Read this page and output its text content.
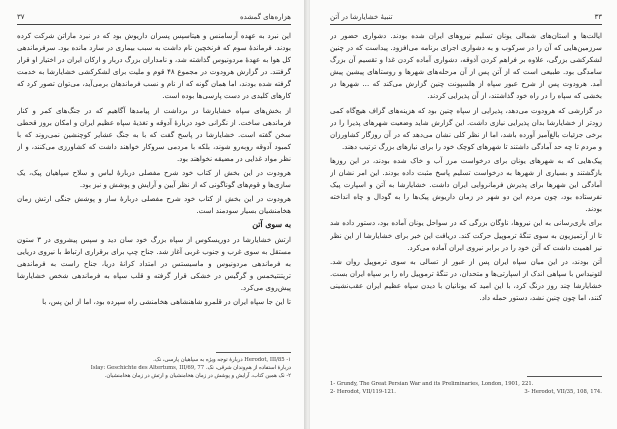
۳۷	هزاره‌های گمشده

این نبرد به عهده آرسامنس و هیتاسپس پسران داریوش بود که در نبرد ماراتن شرکت کرده بودند. فرماندهٔ سوم که فرنخچین نام داشت به سبب بیماری در سارد مانده بود. سرفرماندهی کل هوا به عهدهٔ مردونیوس گذاشته شد، و نامداران بزرگ دربار و ارکان ایران در اختیار او قرار گرفتند. در گزارش هرودوت در مجموع ۴۸ قوم و ملیت برای لشکرکشی خشایارشا به خدمت گرفته شده بودند، اما همان گونه که از نام و نسب فرماندهان برمی‌آید، می‌توان تصور کرد که کارهای کلیدی در دست پارسی‌ها بوده است.

از بخش‌های سپاه خشایارشا در برداشت از پیامدها آگاهیم که در جنگ‌های کمر و کنار فرماندهی ساخت. از نگرانی خود دربارهٔ آدوقه و تغذیهٔ سپاه عظیم ایران و امکان بروز قحطی سخن گفته است. خشایارشا در پاسخ گفت که با به جنگ عشایر کوچنشین نمی‌روند که با کمبود آدوقه روبه‌رو شوند، بلکه با مردمی سروکار خواهند داشت که کشاورزی می‌کنند، و از نظر مواد غذایی در مضیقه نخواهند بود.

هرودوت در این بخش از کتاب خود شرح مفصلی دربارهٔ لباس و سلاح سپاهیان پیک، یک سازی‌ها و قوم‌های گوناگونی که از نظر آیین و آرایش و پوشش و نیز بود.

هرودوت در این بخش از کتاب خود شرح مفصلی دربارهٔ ساز و پوشش جنگی ارتش زمان هخامنشیان بسیار سودمند است.

به سوی آتن

ارتش خشایارشا در دوریسکوس از سپاه بزرگ خود سان دید و سپس پیشروی در ۳ ستون مستقل به سوی غرب و جنوب غربی آغاز شد. جناح چپ برای برقراری ارتباط با نیروی دریایی به فرماندهی مردونیوس و ماسیستس در امتداد کرانهٔ دریا، جناح راست به فرماندهی تریتنتیخمس و گرگیس در خشکی قرار گرفته و قلب سپاه به فرماندهی شخص خشایارشا پیش‌روی می‌کرد.

تا این جا سپاه ایران در قلمرو شاهنشاهی هخامنشی راه سپرده بود، اما از این پس، با

۱- Herodot, III/85 دربارهٔ توجه ویژه به سپاهیان پارسی، نک.
دربارهٔ استفاده از هم‌وندان شرقی، نک. Islay: Geschichte des Altertums, III/69, 77
۲- نک همین کتاب، آرایش و پوشش در زمان هخامنشیان و ارتش در زمان هخامنشیان.
تنبیهٔ خشایارشا در آتن	۳۳

ایالت‌ها و استان‌های شمالی یونان تسلیم نیروهای ایران شده بودند. دشواری حضور در سرزمین‌هایی که آن را در سرکوب و به دشواری اجرای برنامه می‌افزود. پیداست که در چنین لشکرکشی بزرگی، علاوه بر فراهم کردن آذوقه، دشواری آماده کردن غذا و تقسیم آن بزرگ سامدگی بود. طبیعی است که از آتن پس از آن مرحله‌های شهرها و روستاهای پیشین پیش آمد. هرودوت پس از شرح عبور سپاه از هلسپونت چنین گزارش می‌کند که ... شهرها در بخشی که سپاه را در راه خود گذاشتند، از آن پذیرایی کردند.

در گزارشی که هرودوت می‌دهد، پذیرایی از سپاه چنین بود که هزینه‌های گزاف هیچ‌گاه کمی زودتر از خشایارشا بدان پذیرایی نیازی داشت. این گزارش شاید وضعیت شهرهای پذیرا را در برخی جزئیات بالغ‌آمیز آورده باشد، اما از نظر کلی نشان می‌دهد که در آن روزگار کشاورزان و مردم تا چه حد آمادگی داشتند تا شهرهای کوچک خود را برای نیازهای بزرگ ترتیب دهند.

پیک‌هایی که به شهرهای یونان برای درخواست مرز آب و خاک شده بودند، در این روزها بازگشتند و بسیاری از شهرها به درخواست تسلیم پاسخ مثبت داده بودند. این امر نشان از آمادگی این شهرها برای پذیرش فرمانروایی ایران داشت. خشایارشا به آتن و اسپارت پیک نفرستاده بود، چون مردم این دو شهر در زمان داریوش پیک‌ها را به گودال و چاه انداخته بودند.

برای یاری‌رسانی به این نیروها، ناوگان بزرگی که در سواحل یونان آماده بود، دستور داده شد تا از آرتمیزیون به سوی تنگهٔ ترموپیل حرکت کند. دریافت این خبر برای خشایارشا از این نظر نیز اهمیت داشت که آتن خود را در برابر نیروی ایران آماده می‌کرد.

آتن بودند، در این میان سپاه ایران پس از عبور از تسالی به سوی ترموپیل روان شد. لئونیداس با سپاهی اندک از اسپارتی‌ها و متحدان، در تنگهٔ ترموپیل راه را بر سپاه ایران بست. خشایارشا چند روز درنگ کرد، با این امید که یونانیان با دیدن سپاه عظیم ایران عقب‌نشینی کنند، اما چون چنین نشد، دستور حمله داد.

1- Grundy, The Great Persian War and its Preliminaries, London, 1901, 221.
2- Herodot, VII/119-121.	3- Herodot, VII/35, 108, 174.
